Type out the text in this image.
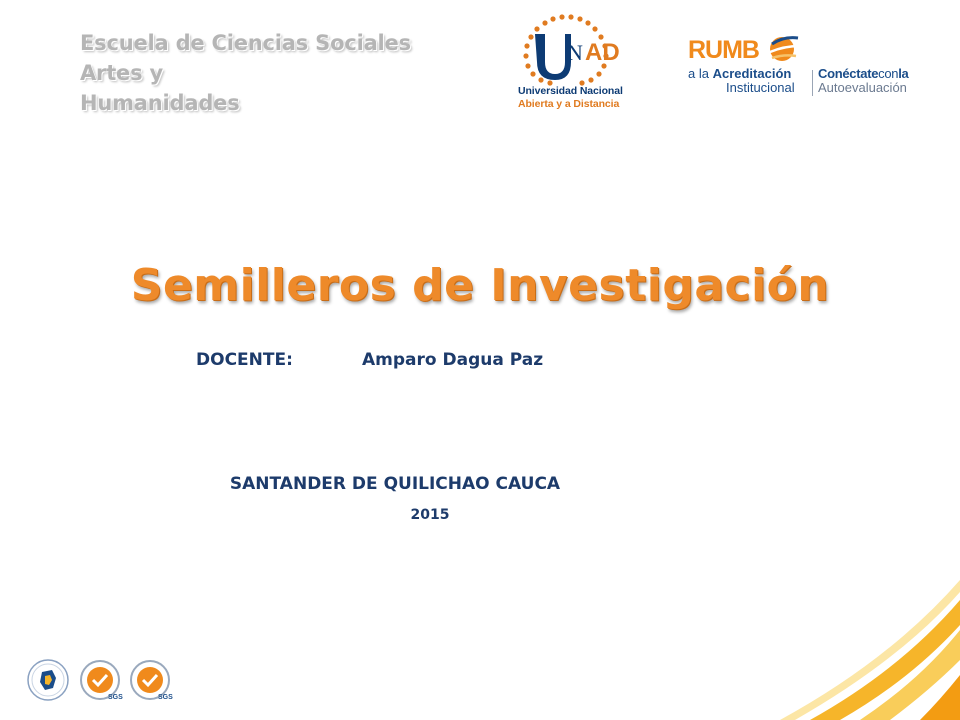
Escuela de Ciencias Sociales Artes y
Humanidades
N AD
Universidad Nacional
Abierta y a Distancia
RUMB
a la Acreditación
Institucional
Conéctateconla
Autoevaluación
Semilleros de Investigación
DOCENTE:	Amparo Dagua Paz
SANTANDER DE QUILICHAO CAUCA
2015
SGS	SGS
